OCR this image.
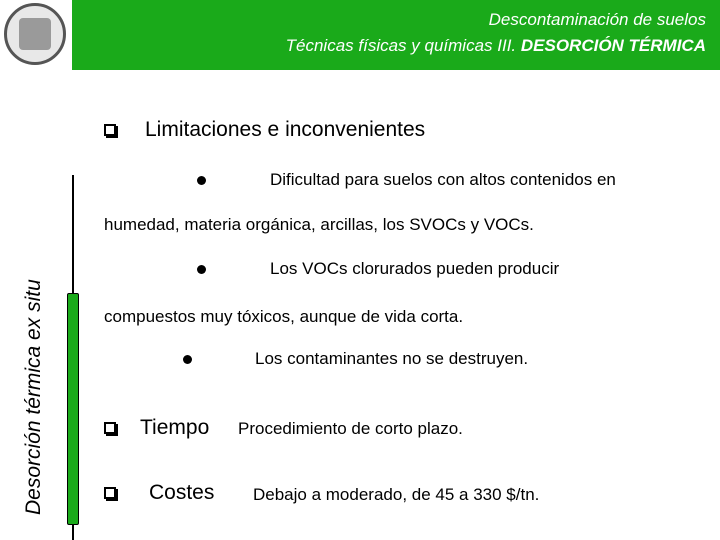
Descontaminación de suelos
Técnicas físicas y químicas III. DESORCIÓN TÉRMICA
Desorción térmica ex situ
Limitaciones e inconvenientes
Dificultad para suelos con altos contenidos en
humedad, materia orgánica, arcillas, los SVOCs y VOCs.
Los VOCs clorurados pueden producir
compuestos muy tóxicos, aunque de vida corta.
Los contaminantes no se destruyen.
Tiempo Procedimiento de corto plazo.
Costes Debajo a moderado, de 45 a 330 $/tn.
